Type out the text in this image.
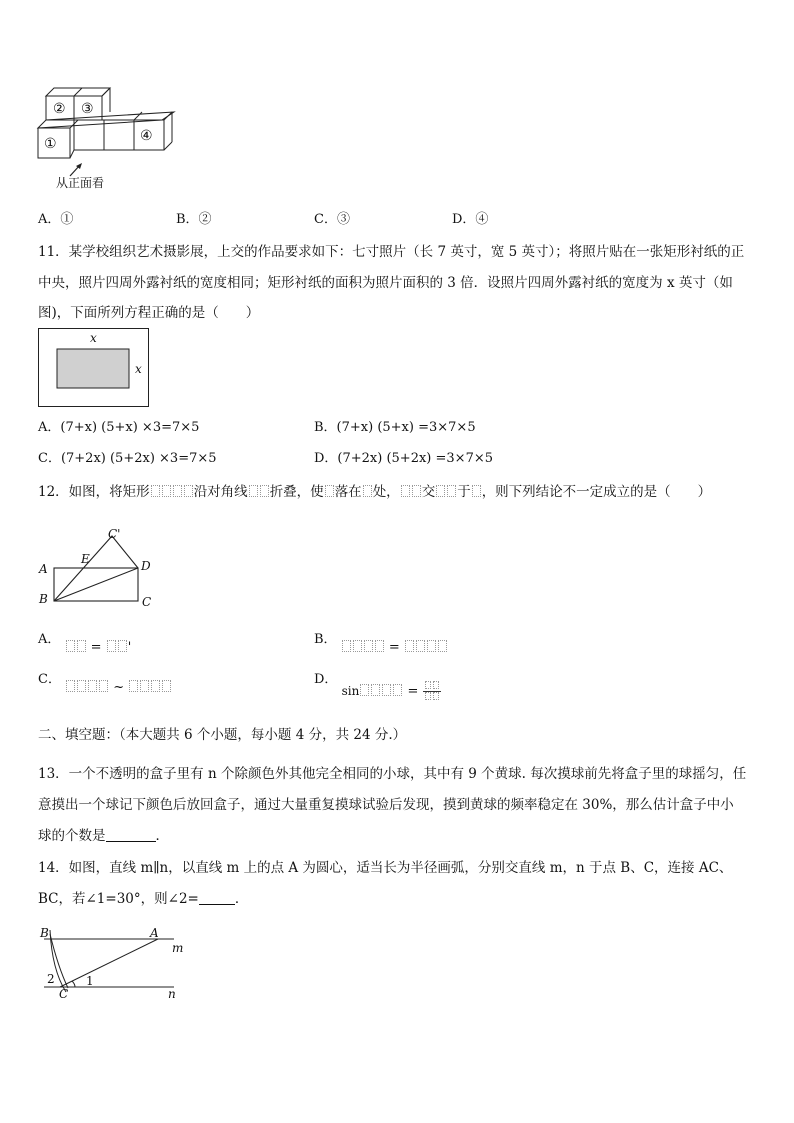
② ③
①	④
从正面看
A．①	B．②	C．③	D．④
11．某学校组织艺术摄影展，上交的作品要求如下：七寸照片（长 7 英寸，宽 5 英寸）；将照片贴在一张矩形衬纸的正
中央，照片四周外露衬纸的宽度相同；矩形衬纸的面积为照片面积的 3 倍．设照片四周外露衬纸的宽度为 x 英寸（如
图)，下面所列方程正确的是（　　）
x
x
A．(7+x) (5+x) ×3=7×5	B．(7+x) (5+x) =3×7×5
C．(7+2x) (5+2x) ×3=7×5	D．(7+2x) (5+2x) =3×7×5
12．如图，将矩形	沿对角线 折叠，使 落在 处， 交 于 ，则下列结论不一定成立的是（　　）
C'
E
A	D
B	C
A．  = '
B．  =
C．  ~
D． sin	=
二、填空题：（本大题共 6 个小题，每小题 4 分，共 24 分.）
13．一个不透明的盒子里有 n 个除颜色外其他完全相同的小球，其中有 9 个黄球. 每次摸球前先将盒子里的球摇匀，任
意摸出一个球记下颜色后放回盒子，通过大量重复摸球试验后发现，摸到黄球的频率稳定在 30%，那么估计盒子中小
球的个数是	．
14．如图，直线 m∥n，以直线 m 上的点 A 为圆心，适当长为半径画弧，分别交直线 m，n 于点 B、C，连接 AC、
BC，若∠1=30°，则∠2=	．
B	A
m
2
C
1
n
